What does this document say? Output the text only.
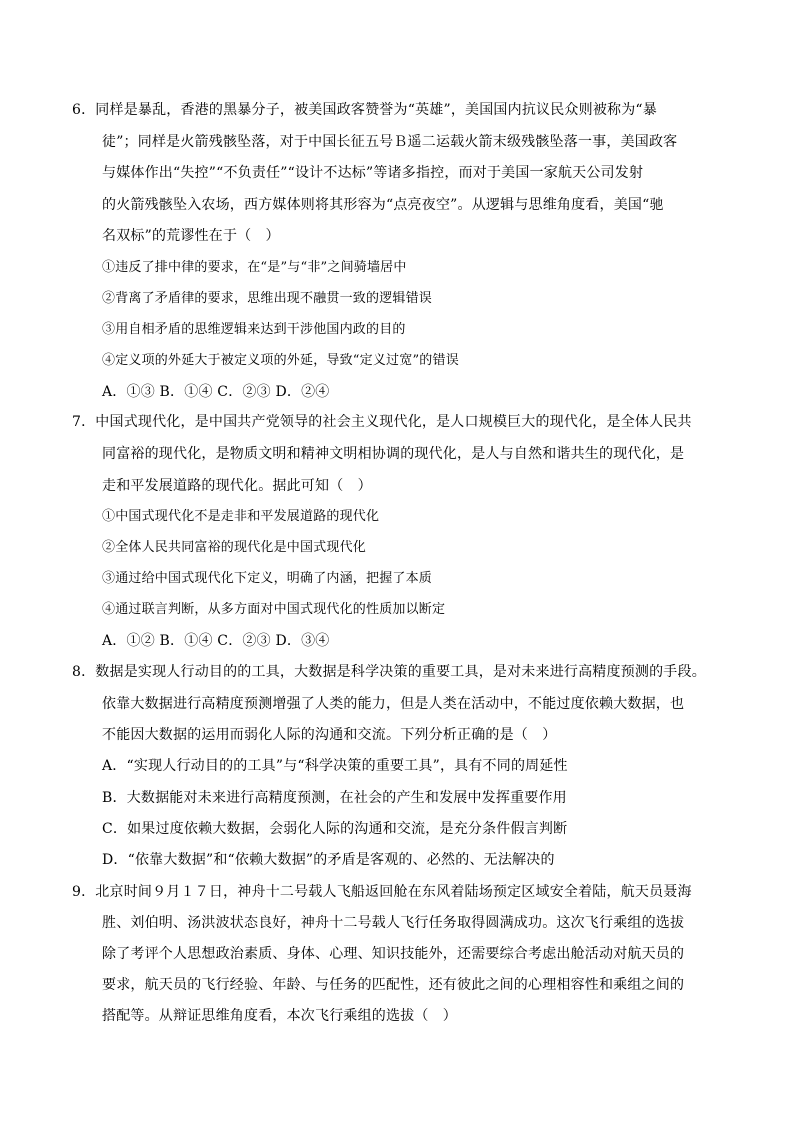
6．同样是暴乱，香港的黑暴分子，被美国政客赞誉为“英雄”，美国国内抗议民众则被称为“暴
徒”；同样是火箭残骸坠落，对于中国长征五号Ｂ遥二运载火箭末级残骸坠落一事，美国政客
与媒体作出“失控”“不负责任”“设计不达标”等诸多指控，而对于美国一家航天公司发射
的火箭残骸坠入农场，西方媒体则将其形容为“点亮夜空”。从逻辑与思维角度看，美国“驰
名双标”的荒谬性在于（　）
①违反了排中律的要求，在“是”与“非”之间骑墙居中
②背离了矛盾律的要求，思维出现不融贯一致的逻辑错误
③用自相矛盾的思维逻辑来达到干涉他国内政的目的
④定义项的外延大于被定义项的外延，导致“定义过宽”的错误
A．①③ B．①④ C．②③ D．②④
7．中国式现代化，是中国共产党领导的社会主义现代化，是人口规模巨大的现代化，是全体人民共
同富裕的现代化，是物质文明和精神文明相协调的现代化，是人与自然和谐共生的现代化，是
走和平发展道路的现代化。据此可知（　）
①中国式现代化不是走非和平发展道路的现代化
②全体人民共同富裕的现代化是中国式现代化
③通过给中国式现代化下定义，明确了内涵，把握了本质
④通过联言判断，从多方面对中国式现代化的性质加以断定
A．①② B．①④ C．②③ D．③④
8．数据是实现人行动目的的工具，大数据是科学决策的重要工具，是对未来进行高精度预测的手段。
依靠大数据进行高精度预测增强了人类的能力，但是人类在活动中，不能过度依赖大数据，也
不能因大数据的运用而弱化人际的沟通和交流。下列分析正确的是（　）
A．“实现人行动目的的工具”与“科学决策的重要工具”，具有不同的周延性
B．大数据能对未来进行高精度预测，在社会的产生和发展中发挥重要作用
C．如果过度依赖大数据，会弱化人际的沟通和交流，是充分条件假言判断
D．“依靠大数据”和“依赖大数据”的矛盾是客观的、必然的、无法解决的
9．北京时间９月１７日，神舟十二号载人飞船返回舱在东风着陆场预定区域安全着陆，航天员聂海
胜、刘伯明、汤洪波状态良好，神舟十二号载人飞行任务取得圆满成功。这次飞行乘组的选拔
除了考评个人思想政治素质、身体、心理、知识技能外，还需要综合考虑出舱活动对航天员的
要求，航天员的飞行经验、年龄、与任务的匹配性，还有彼此之间的心理相容性和乘组之间的
搭配等。从辩证思维角度看，本次飞行乘组的选拔（　）
